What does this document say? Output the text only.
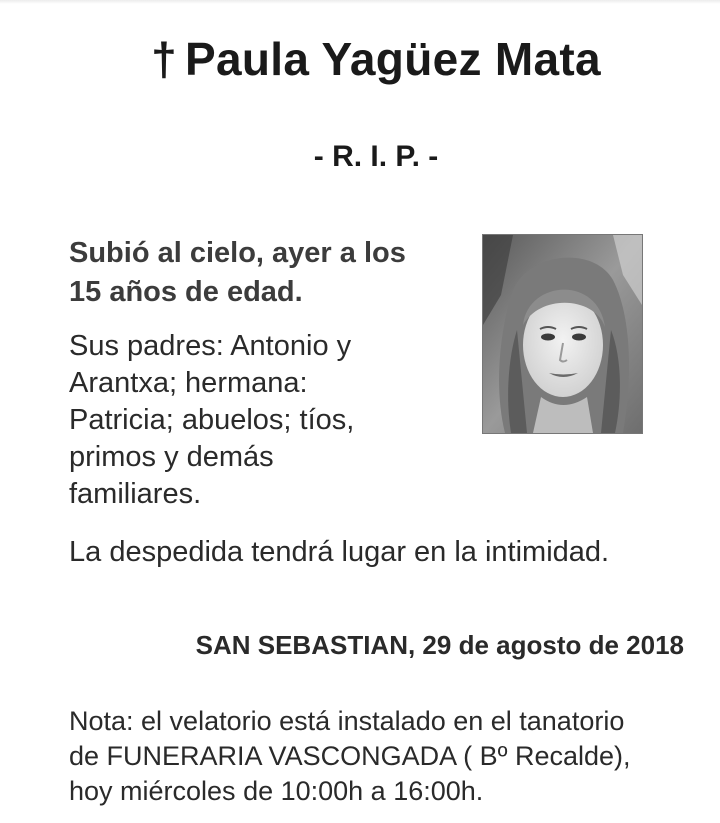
† Paula Yagüez Mata
- R. I. P. -
Subió al cielo, ayer a los
15 años de edad.
Sus padres: Antonio y Arantxa; hermana: Patricia; abuelos; tíos, primos y demás familiares.
La despedida tendrá lugar en la intimidad.
SAN SEBASTIAN, 29 de agosto de 2018
Nota: el velatorio está instalado en el tanatorio
de FUNERARIA VASCONGADA ( Bº Recalde),
hoy miércoles de 10:00h a 16:00h.
